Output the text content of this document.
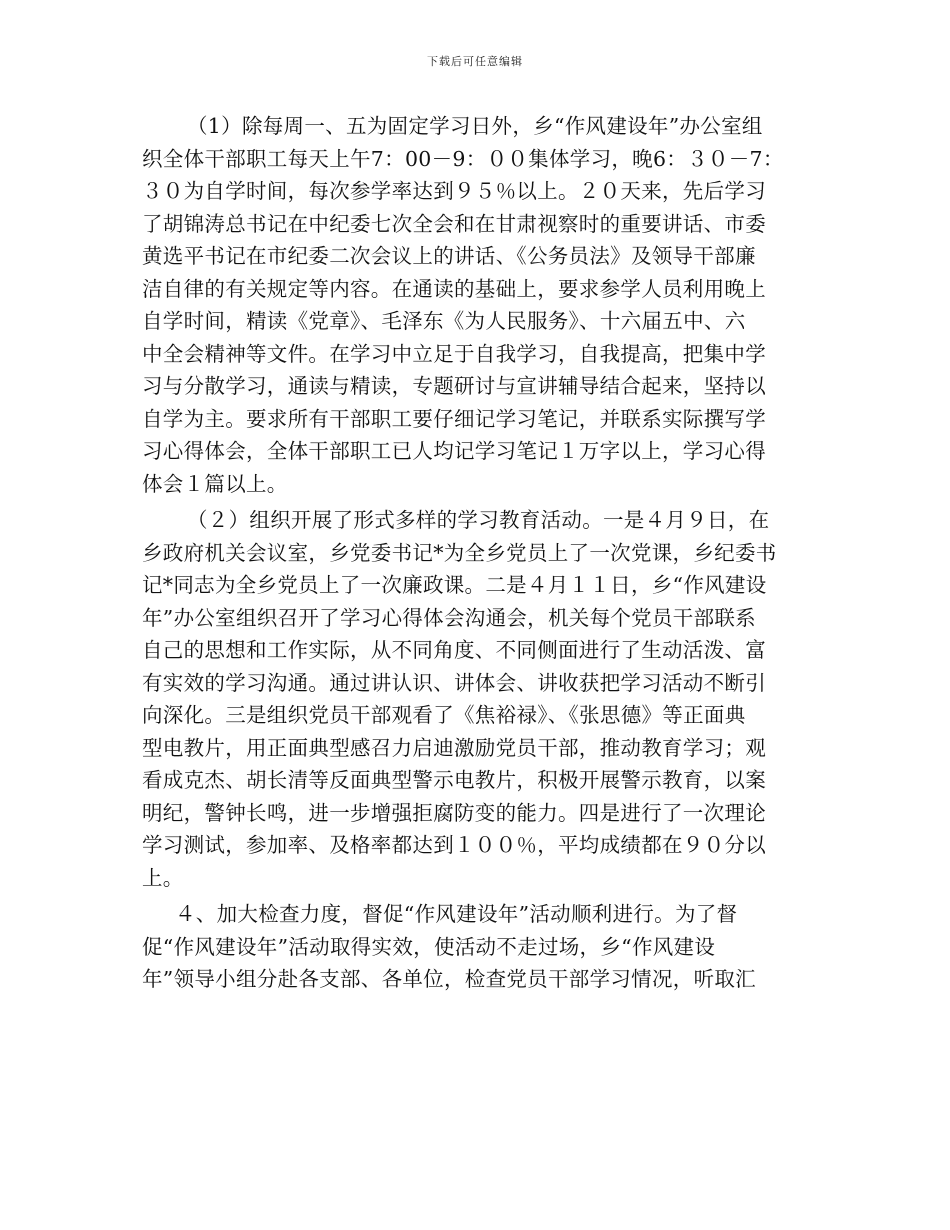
下载后可任意编辑
（1）除每周一、五为固定学习日外，乡“作风建设年”办公室组
织全体干部职工每天上午7：00－9：００集体学习，晚6：３０－7：
３０为自学时间，每次参学率达到９５％以上。２０天来，先后学习
了胡锦涛总书记在中纪委七次全会和在甘肃视察时的重要讲话、市委
黄选平书记在市纪委二次会议上的讲话、《公务员法》及领导干部廉
洁自律的有关规定等内容。在通读的基础上，要求参学人员利用晚上
自学时间，精读《党章》、毛泽东《为人民服务》、十六届五中、六
中全会精神等文件。在学习中立足于自我学习，自我提高，把集中学
习与分散学习，通读与精读，专题研讨与宣讲辅导结合起来，坚持以
自学为主。要求所有干部职工要仔细记学习笔记，并联系实际撰写学
习心得体会，全体干部职工已人均记学习笔记１万字以上，学习心得
体会１篇以上。
（２）组织开展了形式多样的学习教育活动。一是４月９日，在
乡政府机关会议室，乡党委书记*为全乡党员上了一次党课，乡纪委书
记*同志为全乡党员上了一次廉政课。二是４月１１日，乡“作风建设
年”办公室组织召开了学习心得体会沟通会，机关每个党员干部联系
自己的思想和工作实际，从不同角度、不同侧面进行了生动活泼、富
有实效的学习沟通。通过讲认识、讲体会、讲收获把学习活动不断引
向深化。三是组织党员干部观看了《焦裕禄》、《张思德》等正面典
型电教片，用正面典型感召力启迪激励党员干部，推动教育学习；观
看成克杰、胡长清等反面典型警示电教片，积极开展警示教育，以案
明纪，警钟长鸣，进一步增强拒腐防变的能力。四是进行了一次理论
学习测试，参加率、及格率都达到１００％，平均成绩都在９０分以
上。
４、加大检查力度，督促“作风建设年”活动顺利进行。为了督
促“作风建设年”活动取得实效，使活动不走过场，乡“作风建设
年”领导小组分赴各支部、各单位，检查党员干部学习情况，听取汇
